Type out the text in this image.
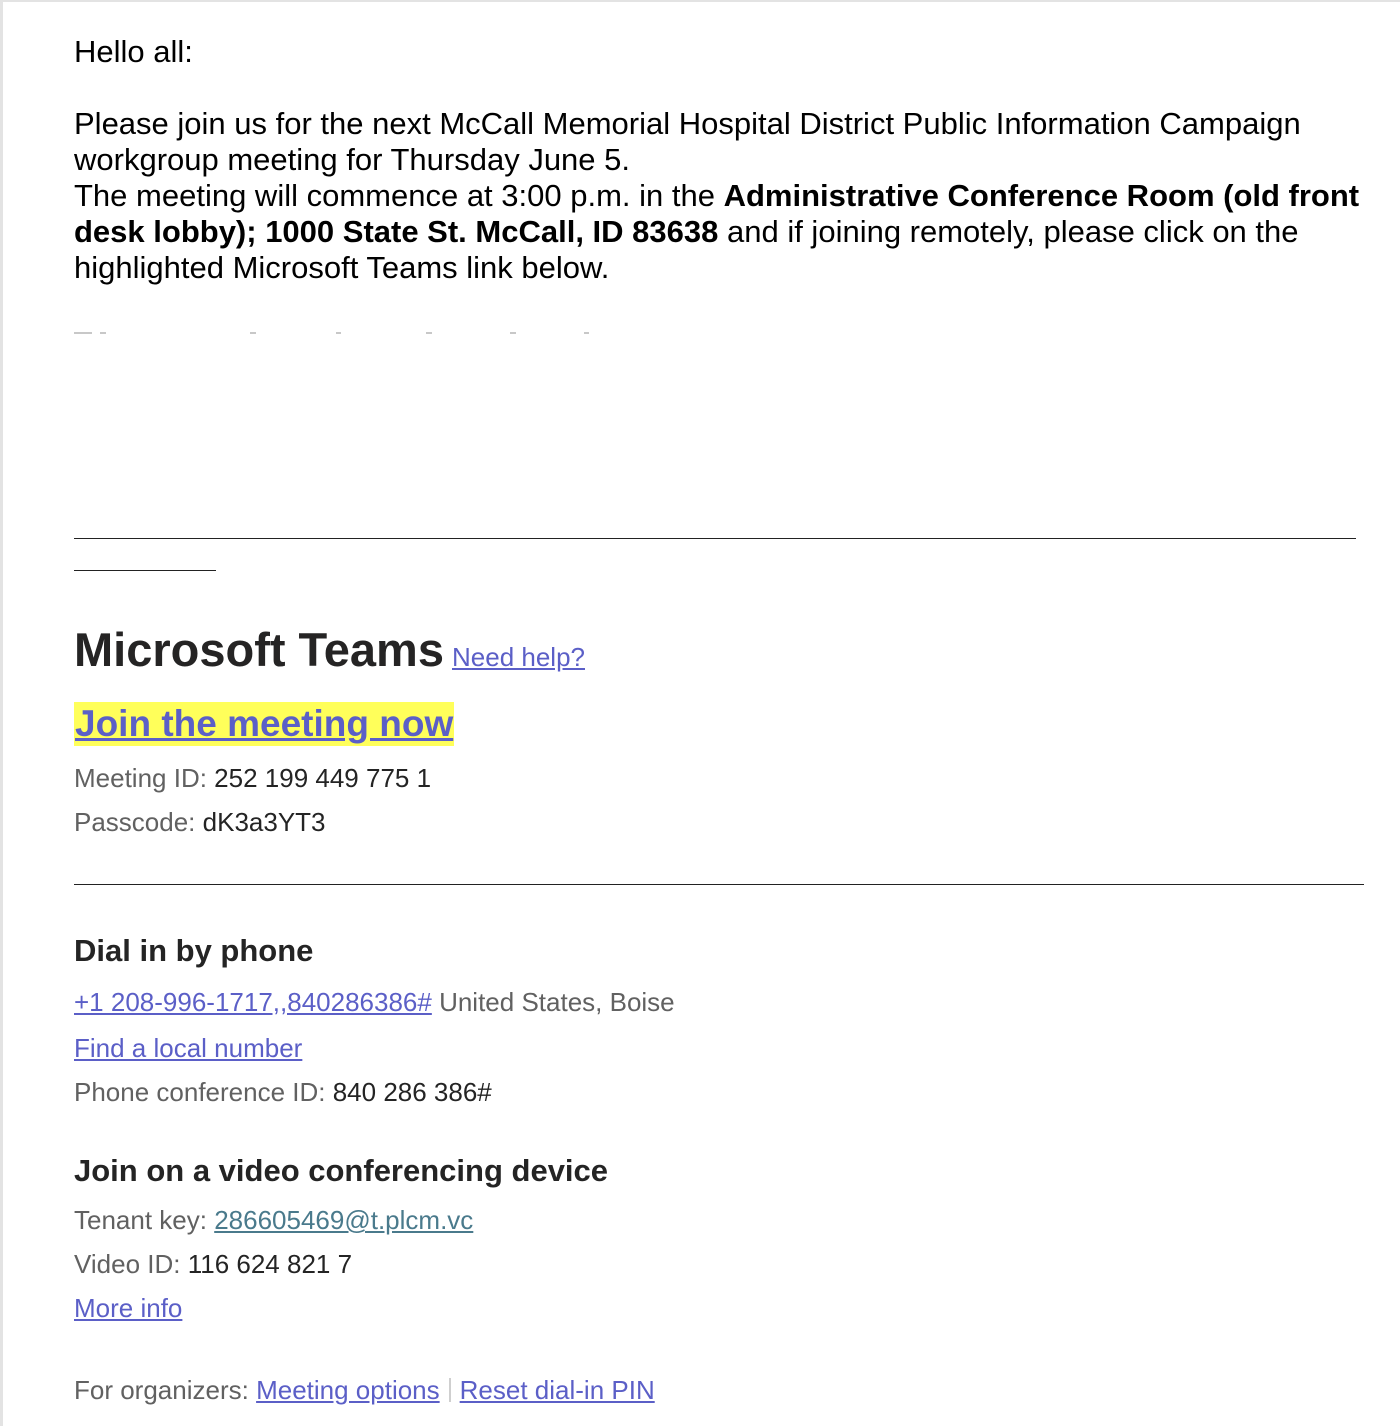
Hello all:

Please join us for the next McCall Memorial Hospital District Public Information Campaign workgroup meeting for Thursday June 5.

The meeting will commence at 3:00 p.m. in the Administrative Conference Room (old front desk lobby); 1000 State St. McCall, ID 83638 and if joining remotely, please click on the highlighted Microsoft Teams link below.

Microsoft Teams Need help?
Join the meeting now
Meeting ID: 252 199 449 775 1
Passcode: dK3a3YT3
Dial in by phone
+1 208-996-1717,,840286386# United States, Boise
Find a local number
Phone conference ID: 840 286 386#
Join on a video conferencing device
Tenant key: 286605469@t.plcm.vc
Video ID: 116 624 821 7
More info
For organizers: Meeting options Reset dial-in PIN
